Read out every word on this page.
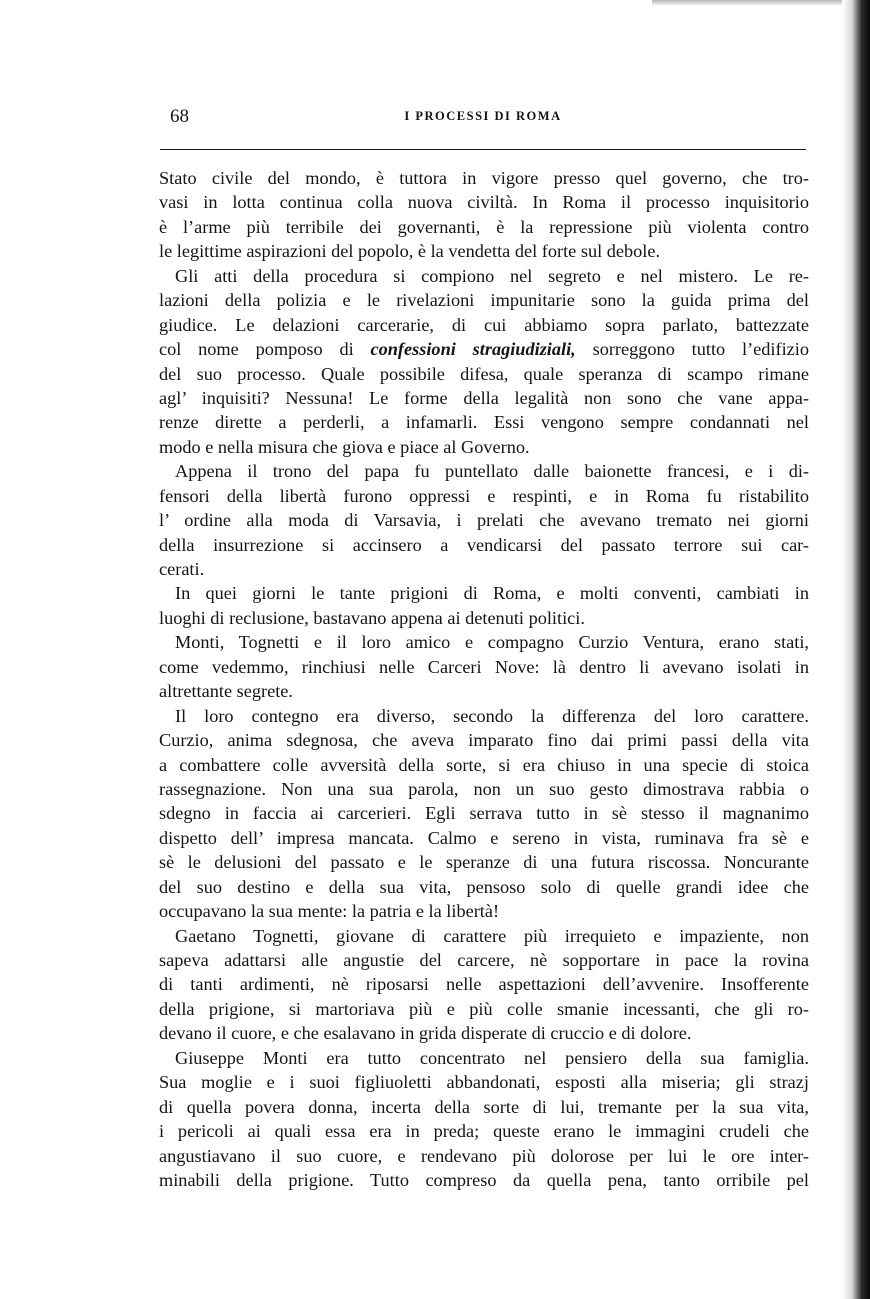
68	I PROCESSI DI ROMA
Stato civile del mondo, è tuttora in vigore presso quel governo, che tro-
vasi in lotta continua colla nuova civiltà. In Roma il processo inquisitorio
è l’arme più terribile dei governanti, è la repressione più violenta contro
le legittime aspirazioni del popolo, è la vendetta del forte sul debole.
Gli atti della procedura si compiono nel segreto e nel mistero. Le re-
lazioni della polizia e le rivelazioni impunitarie sono la guida prima del
giudice. Le delazioni carcerarie, di cui abbiamo sopra parlato, battezzate
col nome pomposo di confessioni stragiudiziali, sorreggono tutto l’edifizio
del suo processo. Quale possibile difesa, quale speranza di scampo rimane
agl’ inquisiti? Nessuna! Le forme della legalità non sono che vane appa-
renze dirette a perderli, a infamarli. Essi vengono sempre condannati nel
modo e nella misura che giova e piace al Governo.
Appena il trono del papa fu puntellato dalle baionette francesi, e i di-
fensori della libertà furono oppressi e respinti, e in Roma fu ristabilito
l’ ordine alla moda di Varsavia, i prelati che avevano tremato nei giorni
della insurrezione si accinsero a vendicarsi del passato terrore sui car-
cerati.
In quei giorni le tante prigioni di Roma, e molti conventi, cambiati in
luoghi di reclusione, bastavano appena ai detenuti politici.
Monti, Tognetti e il loro amico e compagno Curzio Ventura, erano stati,
come vedemmo, rinchiusi nelle Carceri Nove: là dentro li avevano isolati in
altrettante segrete.
Il loro contegno era diverso, secondo la differenza del loro carattere.
Curzio, anima sdegnosa, che aveva imparato fino dai primi passi della vita
a combattere colle avversità della sorte, si era chiuso in una specie di stoica
rassegnazione. Non una sua parola, non un suo gesto dimostrava rabbia o
sdegno in faccia ai carcerieri. Egli serrava tutto in sè stesso il magnanimo
dispetto dell’ impresa mancata. Calmo e sereno in vista, ruminava fra sè e
sè le delusioni del passato e le speranze di una futura riscossa. Noncurante
del suo destino e della sua vita, pensoso solo di quelle grandi idee che
occupavano la sua mente: la patria e la libertà!
Gaetano Tognetti, giovane di carattere più irrequieto e impaziente, non
sapeva adattarsi alle angustie del carcere, nè sopportare in pace la rovina
di tanti ardimenti, nè riposarsi nelle aspettazioni dell’avvenire. Insofferente
della prigione, si martoriava più e più colle smanie incessanti, che gli ro-
devano il cuore, e che esalavano in grida disperate di cruccio e di dolore.
Giuseppe Monti era tutto concentrato nel pensiero della sua famiglia.
Sua moglie e i suoi figliuoletti abbandonati, esposti alla miseria; gli strazj
di quella povera donna, incerta della sorte di lui, tremante per la sua vita,
i pericoli ai quali essa era in preda; queste erano le immagini crudeli che
angustiavano il suo cuore, e rendevano più dolorose per lui le ore inter-
minabili della prigione. Tutto compreso da quella pena, tanto orribile pel
